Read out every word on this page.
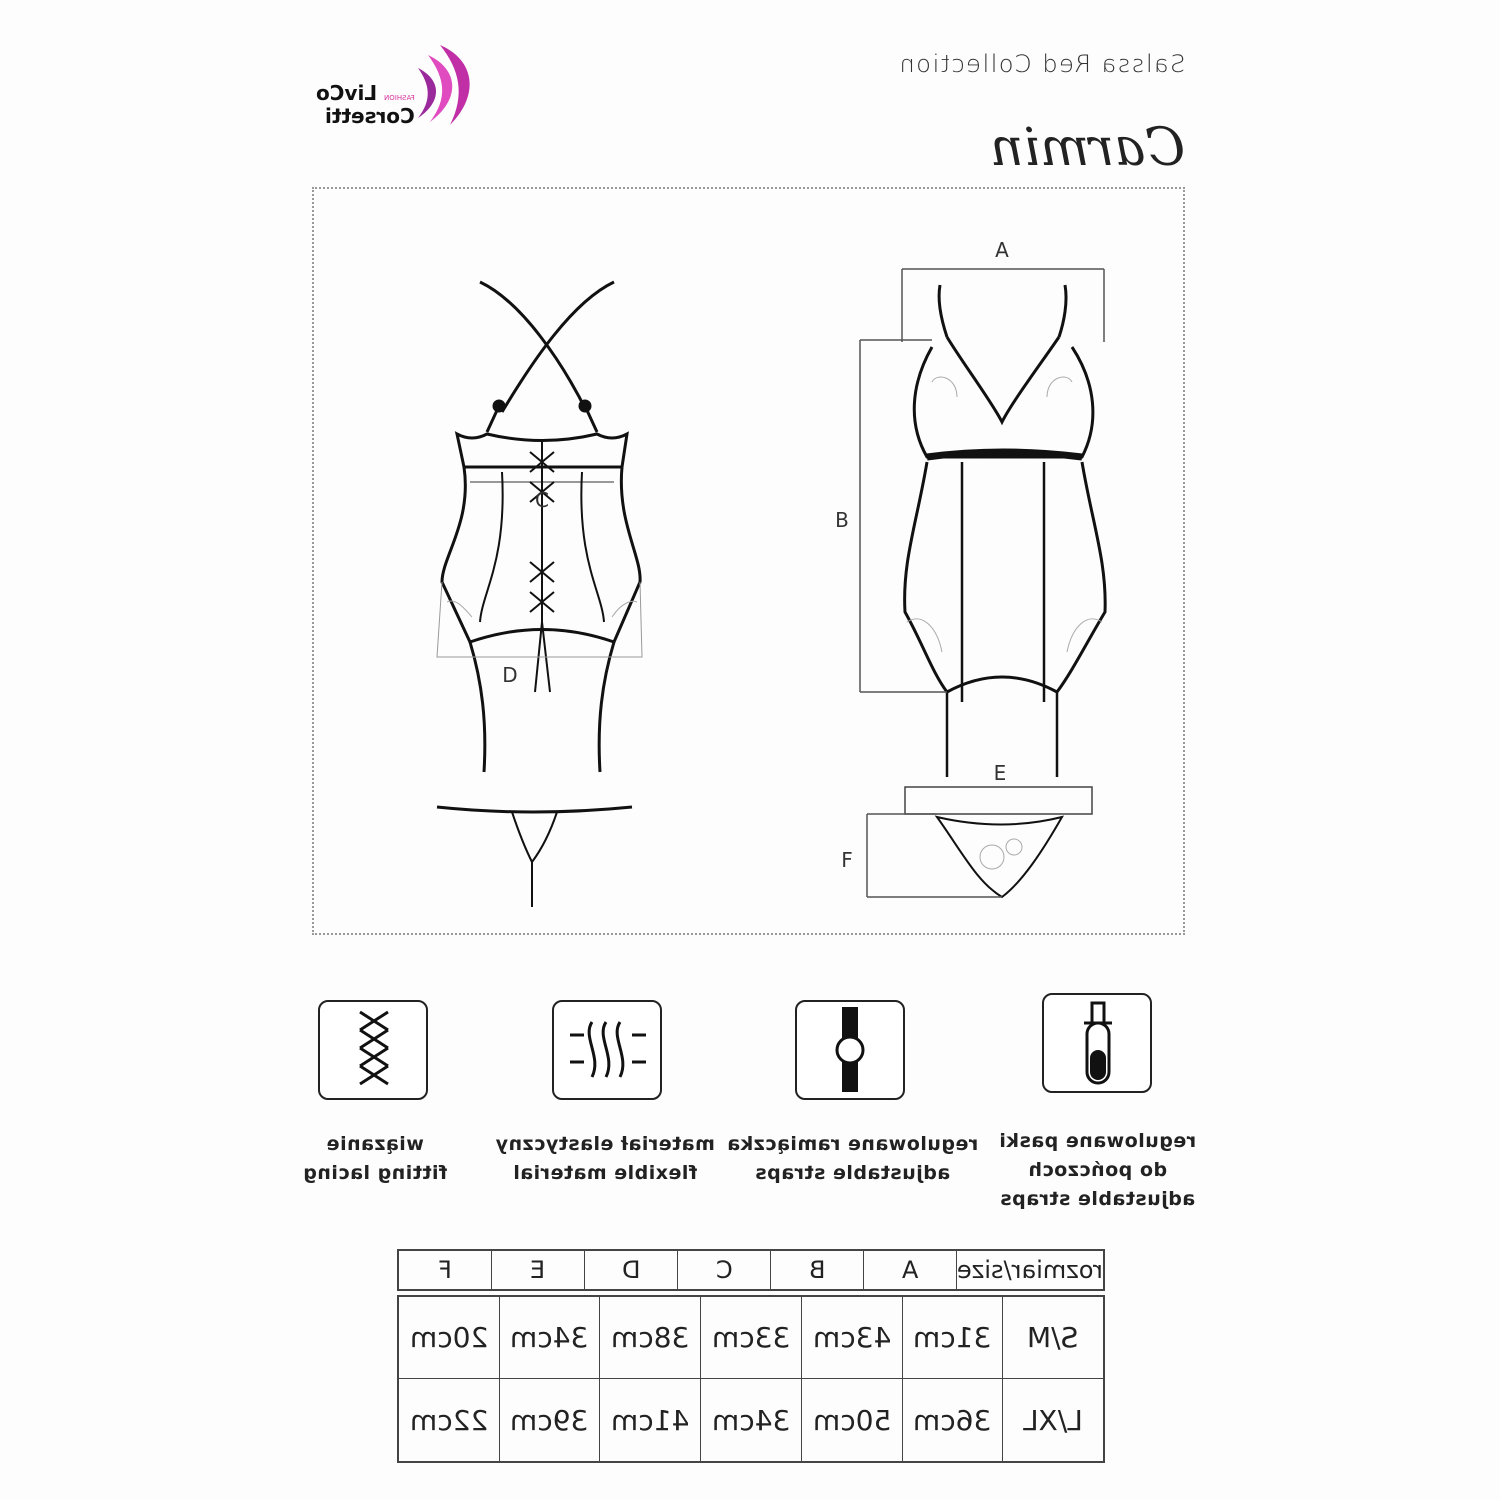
LivCo FASHION Corsetti
Salssa Red Collection
Carmin
A
B
C
D
E
F
wiązanie
fitting lacing
materiał elastyczny
flexible material
regulowane ramiączka
adjustable straps
regulowane paski
do pończoch
adjustable straps
rozmiar/size
A
B
C
D
E
F
S/M
31cm
43cm
33cm
38cm
34cm
20cm
L/XL
36cm
50cm
34cm
41cm
39cm
22cm
